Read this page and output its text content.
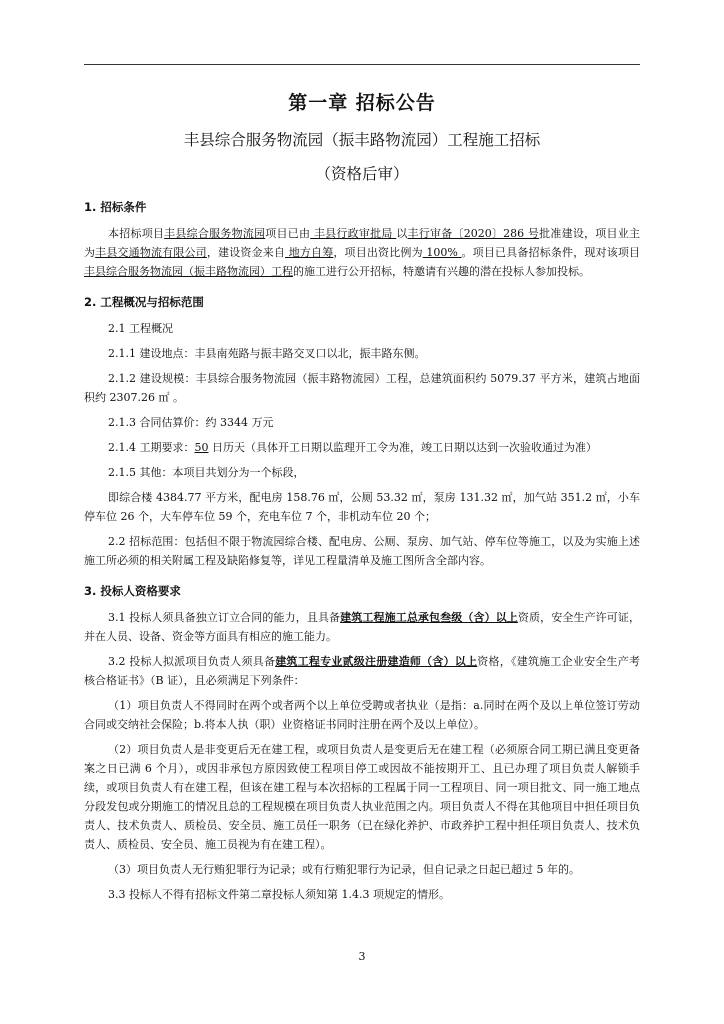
第一章 招标公告
丰县综合服务物流园（振丰路物流园）工程施工招标
（资格后审）
1. 招标条件

本招标项目丰县综合服务物流园项目已由 丰县行政审批局 以丰行审备〔2020〕286 号批准建设，项目业主为丰县交通物流有限公司，建设资金来自 地方自筹，项目出资比例为 100% 。项目已具备招标条件，现对该项目丰县综合服务物流园（振丰路物流园）工程的施工进行公开招标，特邀请有兴趣的潜在投标人参加投标。

2. 工程概况与招标范围

2.1 工程概况

2.1.1 建设地点：丰县南苑路与振丰路交叉口以北，振丰路东侧。

2.1.2 建设规模：丰县综合服务物流园（振丰路物流园）工程，总建筑面积约 5079.37 平方米，建筑占地面积约 2307.26 ㎡ 。

2.1.3 合同估算价：约 3344 万元

2.1.4 工期要求：50 日历天（具体开工日期以监理开工令为准，竣工日期以达到一次验收通过为准）

2.1.5 其他：本项目共划分为一个标段，

即综合楼 4384.77 平方米，配电房 158.76 ㎡，公厕 53.32 ㎡，泵房 131.32 ㎡，加气站 351.2 ㎡，小车停车位 26 个，大车停车位 59 个，充电车位 7 个，非机动车位 20 个；

2.2 招标范围：包括但不限于物流园综合楼、配电房、公厕、泵房、加气站、停车位等施工，以及为实施上述施工所必须的相关附属工程及缺陷修复等，详见工程量清单及施工图所含全部内容。

3. 投标人资格要求

3.1 投标人须具备独立订立合同的能力，且具备建筑工程施工总承包叁级（含）以上资质，安全生产许可证，并在人员、设备、资金等方面具有相应的施工能力。

3.2 投标人拟派项目负责人须具备建筑工程专业贰级注册建造师（含）以上资格，《建筑施工企业安全生产考核合格证书》（B 证），且必须满足下列条件：

（1）项目负责人不得同时在两个或者两个以上单位受聘或者执业（是指：a.同时在两个及以上单位签订劳动合同或交纳社会保险；b.将本人执（职）业资格证书同时注册在两个及以上单位）。

（2）项目负责人是非变更后无在建工程，或项目负责人是变更后无在建工程（必须原合同工期已满且变更备案之日已满 6 个月），或因非承包方原因致使工程项目停工或因故不能按期开工、且已办理了项目负责人解锁手续，或项目负责人有在建工程，但该在建工程与本次招标的工程属于同一工程项目、同一项目批文、同一施工地点分段发包或分期施工的情况且总的工程规模在项目负责人执业范围之内。项目负责人不得在其他项目中担任项目负责人、技术负责人、质检员、安全员、施工员任一职务（已在绿化养护、市政养护工程中担任项目负责人、技术负责人、质检员、安全员、施工员视为有在建工程）。

（3）项目负责人无行贿犯罪行为记录；或有行贿犯罪行为记录，但自记录之日起已超过 5 年的。

3.3 投标人不得有招标文件第二章投标人须知第 1.4.3 项规定的情形。

3
